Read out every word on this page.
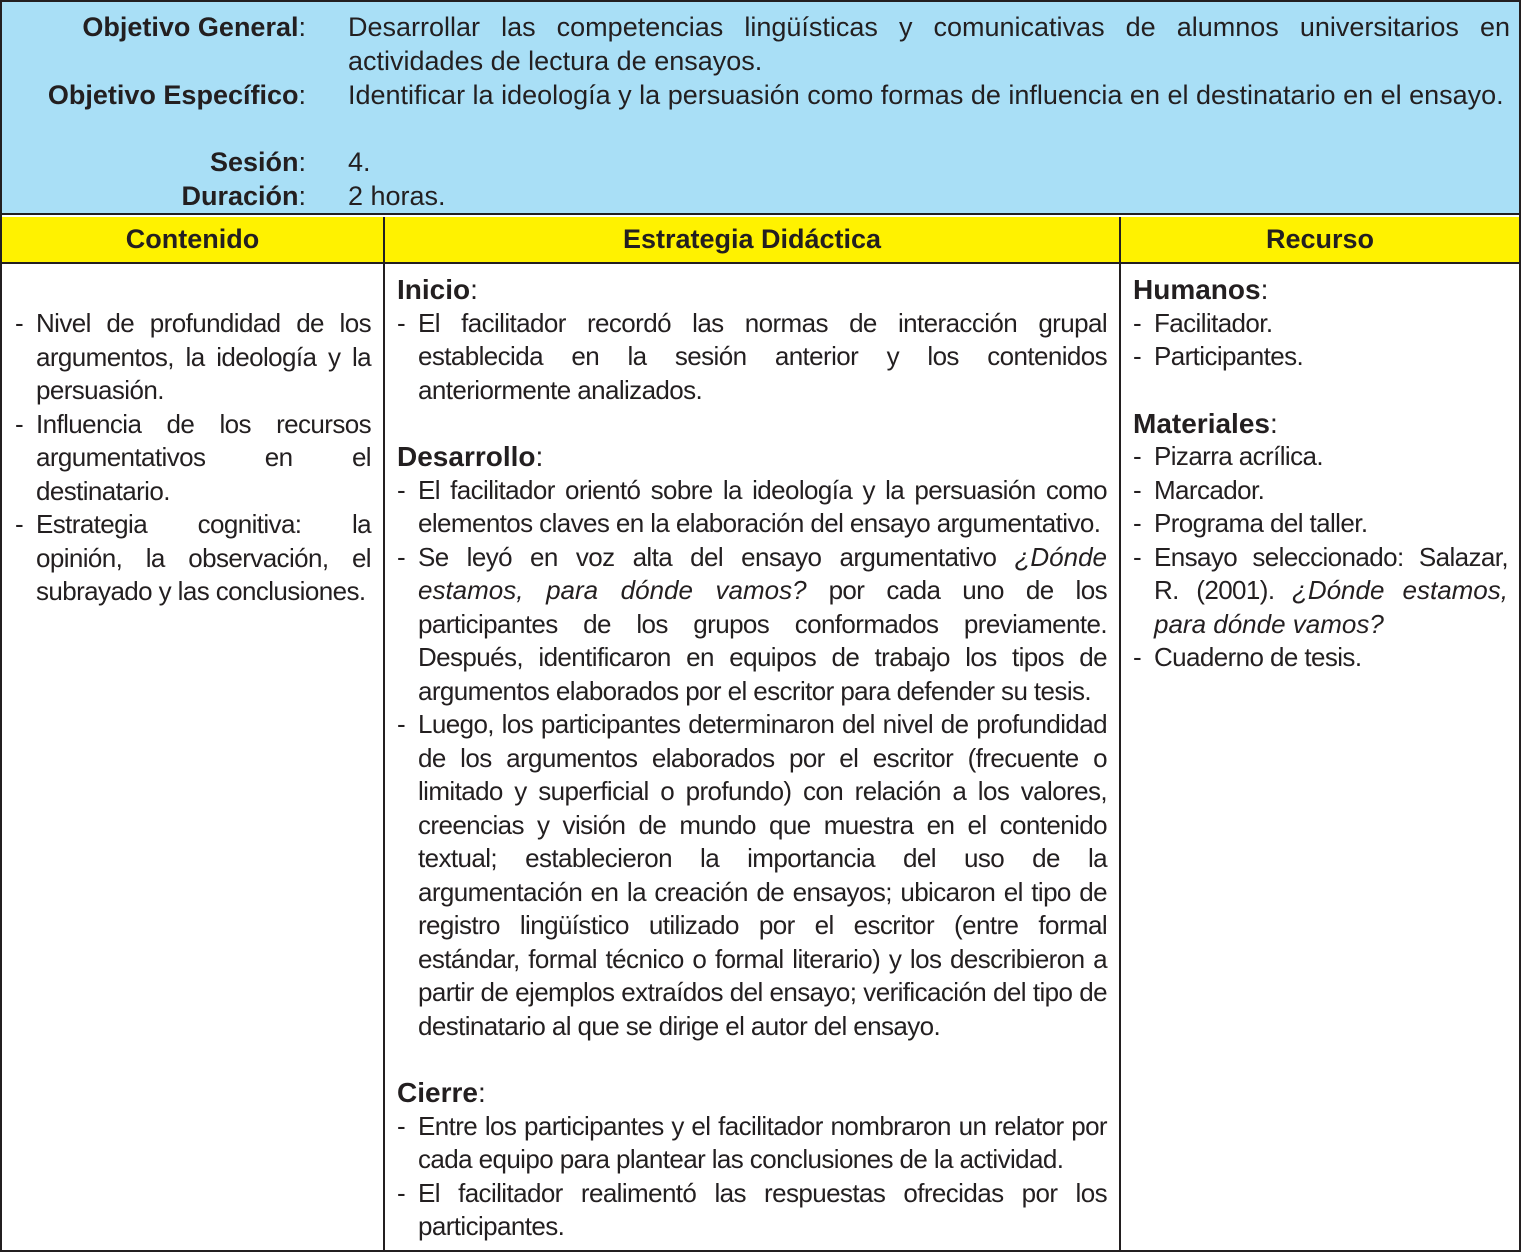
Objetivo General: Desarrollar las competencias lingüísticas y comunicativas de alumnos universitarios en actividades de lectura de ensayos.
Objetivo Específico: Identificar la ideología y la persuasión como formas de influencia en el destinatario en el ensayo.
Sesión: 4.
Duración: 2 horas.
Contenido	Estrategia Didáctica	Recurso
- Nivel de profundidad de los argumentos, la ideología y la persuasión.
- Influencia de los recursos argumentativos en el destinatario.
- Estrategia cognitiva: la opinión, la observación, el subrayado y las conclusiones.
Inicio:
- El facilitador recordó las normas de interacción grupal establecida en la sesión anterior y los contenidos anteriormente analizados.
Desarrollo:
- El facilitador orientó sobre la ideología y la persuasión como elementos claves en la elaboración del ensayo argumentativo.
- Se leyó en voz alta del ensayo argumentativo ¿Dónde estamos, para dónde vamos? por cada uno de los participantes de los grupos conformados previamente. Después, identificaron en equipos de trabajo los tipos de argumentos elaborados por el escritor para defender su tesis.
- Luego, los participantes determinaron del nivel de profundidad de los argumentos elaborados por el escritor (frecuente o limitado y superficial o profundo) con relación a los valores, creencias y visión de mundo que muestra en el contenido textual; establecieron la importancia del uso de la argumentación en la creación de ensayos; ubicaron el tipo de registro lingüístico utilizado por el escritor (entre formal estándar, formal técnico o formal literario) y los describieron a partir de ejemplos extraídos del ensayo; verificación del tipo de destinatario al que se dirige el autor del ensayo.
Cierre:
- Entre los participantes y el facilitador nombraron un relator por cada equipo para plantear las conclusiones de la actividad.
- El facilitador realimentó las respuestas ofrecidas por los participantes.
Humanos:
- Facilitador.
- Participantes.
Materiales:
- Pizarra acrílica.
- Marcador.
- Programa del taller.
- Ensayo seleccionado: Salazar, R. (2001). ¿Dónde estamos, para dónde vamos?
- Cuaderno de tesis.
